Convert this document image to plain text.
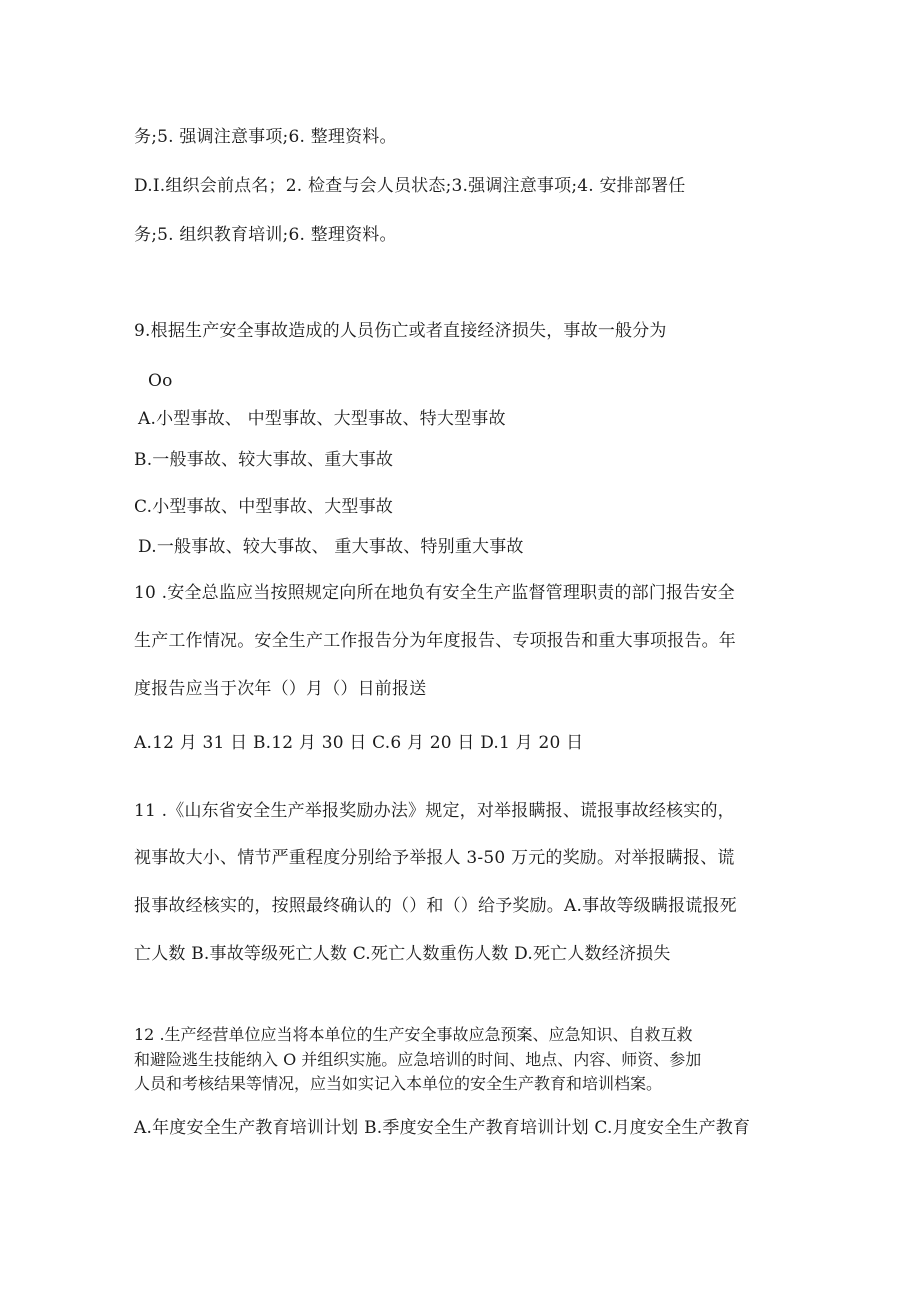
务;5. 强调注意事项;6. 整理资料。
D.I.组织会前点名；2. 检查与会人员状态;3.强调注意事项;4. 安排部署任
务;5. 组织教育培训;6. 整理资料。
9.根据生产安全事故造成的人员伤亡或者直接经济损失，事故一般分为
Oo
A.小型事故、 中型事故、大型事故、特大型事故
B.一般事故、较大事故、重大事故
C.小型事故、中型事故、大型事故
D.一般事故、较大事故、 重大事故、特别重大事故
10 .安全总监应当按照规定向所在地负有安全生产监督管理职责的部门报告安全
生产工作情况。安全生产工作报告分为年度报告、专项报告和重大事项报告。年
度报告应当于次年（）月（）日前报送
A.12 月 31 日 B.12 月 30 日 C.6 月 20 日 D.1 月 20 日
11 .《山东省安全生产举报奖励办法》规定，对举报瞒报、谎报事故经核实的，
视事故大小、情节严重程度分别给予举报人 3-50 万元的奖励。对举报瞒报、谎
报事故经核实的，按照最终确认的（）和（）给予奖励。A.事故等级瞒报谎报死
亡人数 B.事故等级死亡人数 C.死亡人数重伤人数 D.死亡人数经济损失
12 .生产经营单位应当将本单位的生产安全事故应急预案、应急知识、自救互救
和避险逃生技能纳入 O 并组织实施。应急培训的时间、地点、内容、师资、参加
人员和考核结果等情况，应当如实记入本单位的安全生产教育和培训档案。
A.年度安全生产教育培训计划 B.季度安全生产教育培训计划 C.月度安全生产教育
